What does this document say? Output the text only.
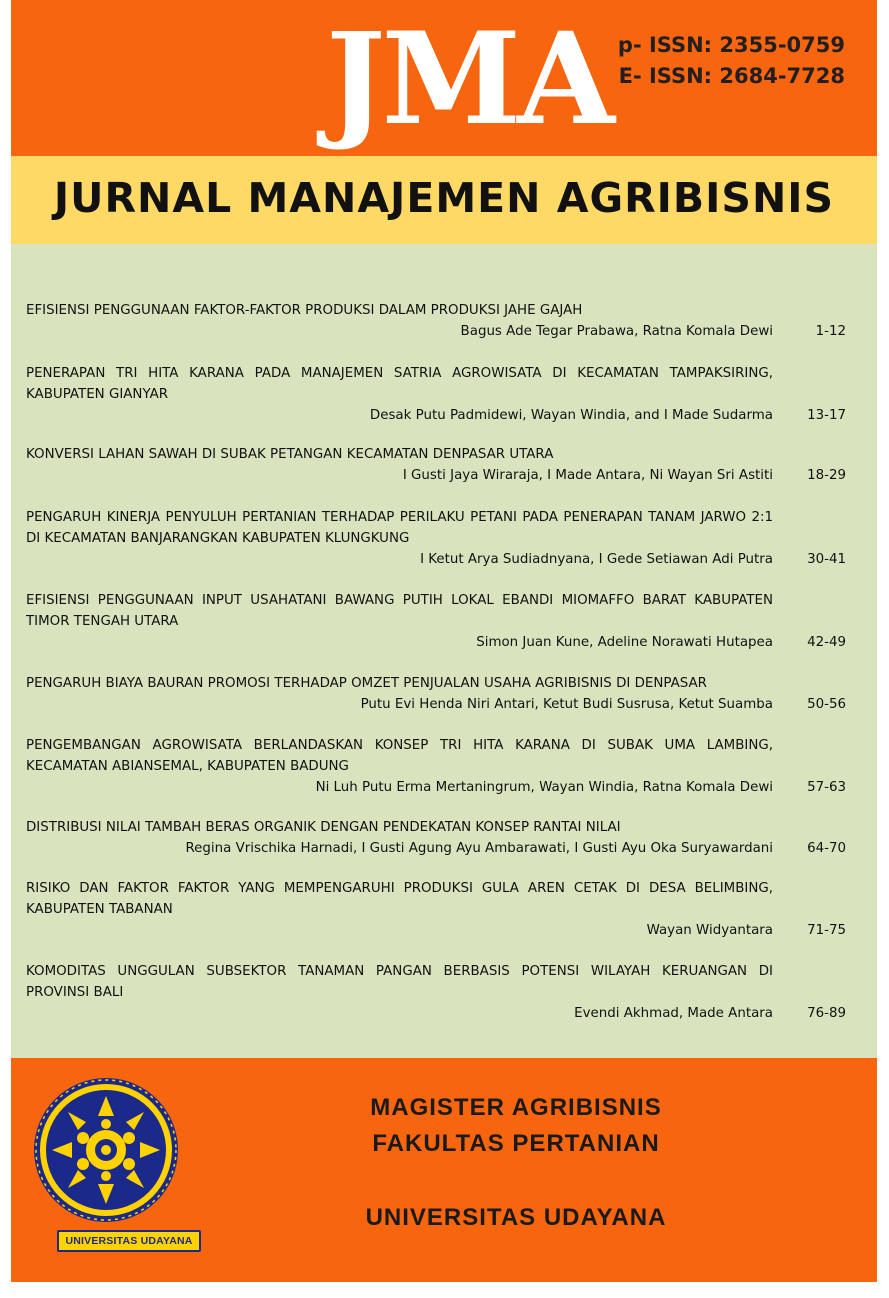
JMA p- ISSN: 2355-0759
E- ISSN: 2684-7728
JURNAL MANAJEMEN AGRIBISNIS
EFISIENSI PENGGUNAAN FAKTOR-FAKTOR PRODUKSI DALAM PRODUKSI JAHE GAJAH
Bagus Ade Tegar Prabawa, Ratna Komala Dewi	1-12
PENERAPAN TRI HITA KARANA PADA MANAJEMEN SATRIA AGROWISATA DI KECAMATAN TAMPAKSIRING, KABUPATEN GIANYAR
Desak Putu Padmidewi, Wayan Windia, and I Made Sudarma	13-17
KONVERSI LAHAN SAWAH DI SUBAK PETANGAN KECAMATAN DENPASAR UTARA
I Gusti Jaya Wiraraja, I Made Antara, Ni Wayan Sri Astiti	18-29
PENGARUH KINERJA PENYULUH PERTANIAN TERHADAP PERILAKU PETANI PADA PENERAPAN TANAM JARWO 2:1 DI KECAMATAN BANJARANGKAN KABUPATEN KLUNGKUNG
I Ketut Arya Sudiadnyana, I Gede Setiawan Adi Putra	30-41
EFISIENSI PENGGUNAAN INPUT USAHATANI BAWANG PUTIH LOKAL EBANDI MIOMAFFO BARAT KABUPATEN TIMOR TENGAH UTARA
Simon Juan Kune, Adeline Norawati Hutapea	42-49
PENGARUH BIAYA BAURAN PROMOSI TERHADAP OMZET PENJUALAN USAHA AGRIBISNIS DI DENPASAR
Putu Evi Henda Niri Antari, Ketut Budi Susrusa, Ketut Suamba	50-56
PENGEMBANGAN AGROWISATA BERLANDASKAN KONSEP TRI HITA KARANA DI SUBAK UMA LAMBING, KECAMATAN ABIANSEMAL, KABUPATEN BADUNG
Ni Luh Putu Erma Mertaningrum, Wayan Windia, Ratna Komala Dewi	57-63
DISTRIBUSI NILAI TAMBAH BERAS ORGANIK DENGAN PENDEKATAN KONSEP RANTAI NILAI
Regina Vrischika Harnadi, I Gusti Agung Ayu Ambarawati, I Gusti Ayu Oka Suryawardani	64-70
RISIKO DAN FAKTOR FAKTOR YANG MEMPENGARUHI PRODUKSI GULA AREN CETAK DI DESA BELIMBING, KABUPATEN TABANAN
Wayan Widyantara	71-75
KOMODITAS UNGGULAN SUBSEKTOR TANAMAN PANGAN BERBASIS POTENSI WILAYAH KERUANGAN DI PROVINSI BALI
Evendi Akhmad, Made Antara	76-89
UNIVERSITAS UDAYANA
MAGISTER AGRIBISNIS
FAKULTAS PERTANIAN
UNIVERSITAS UDAYANA
